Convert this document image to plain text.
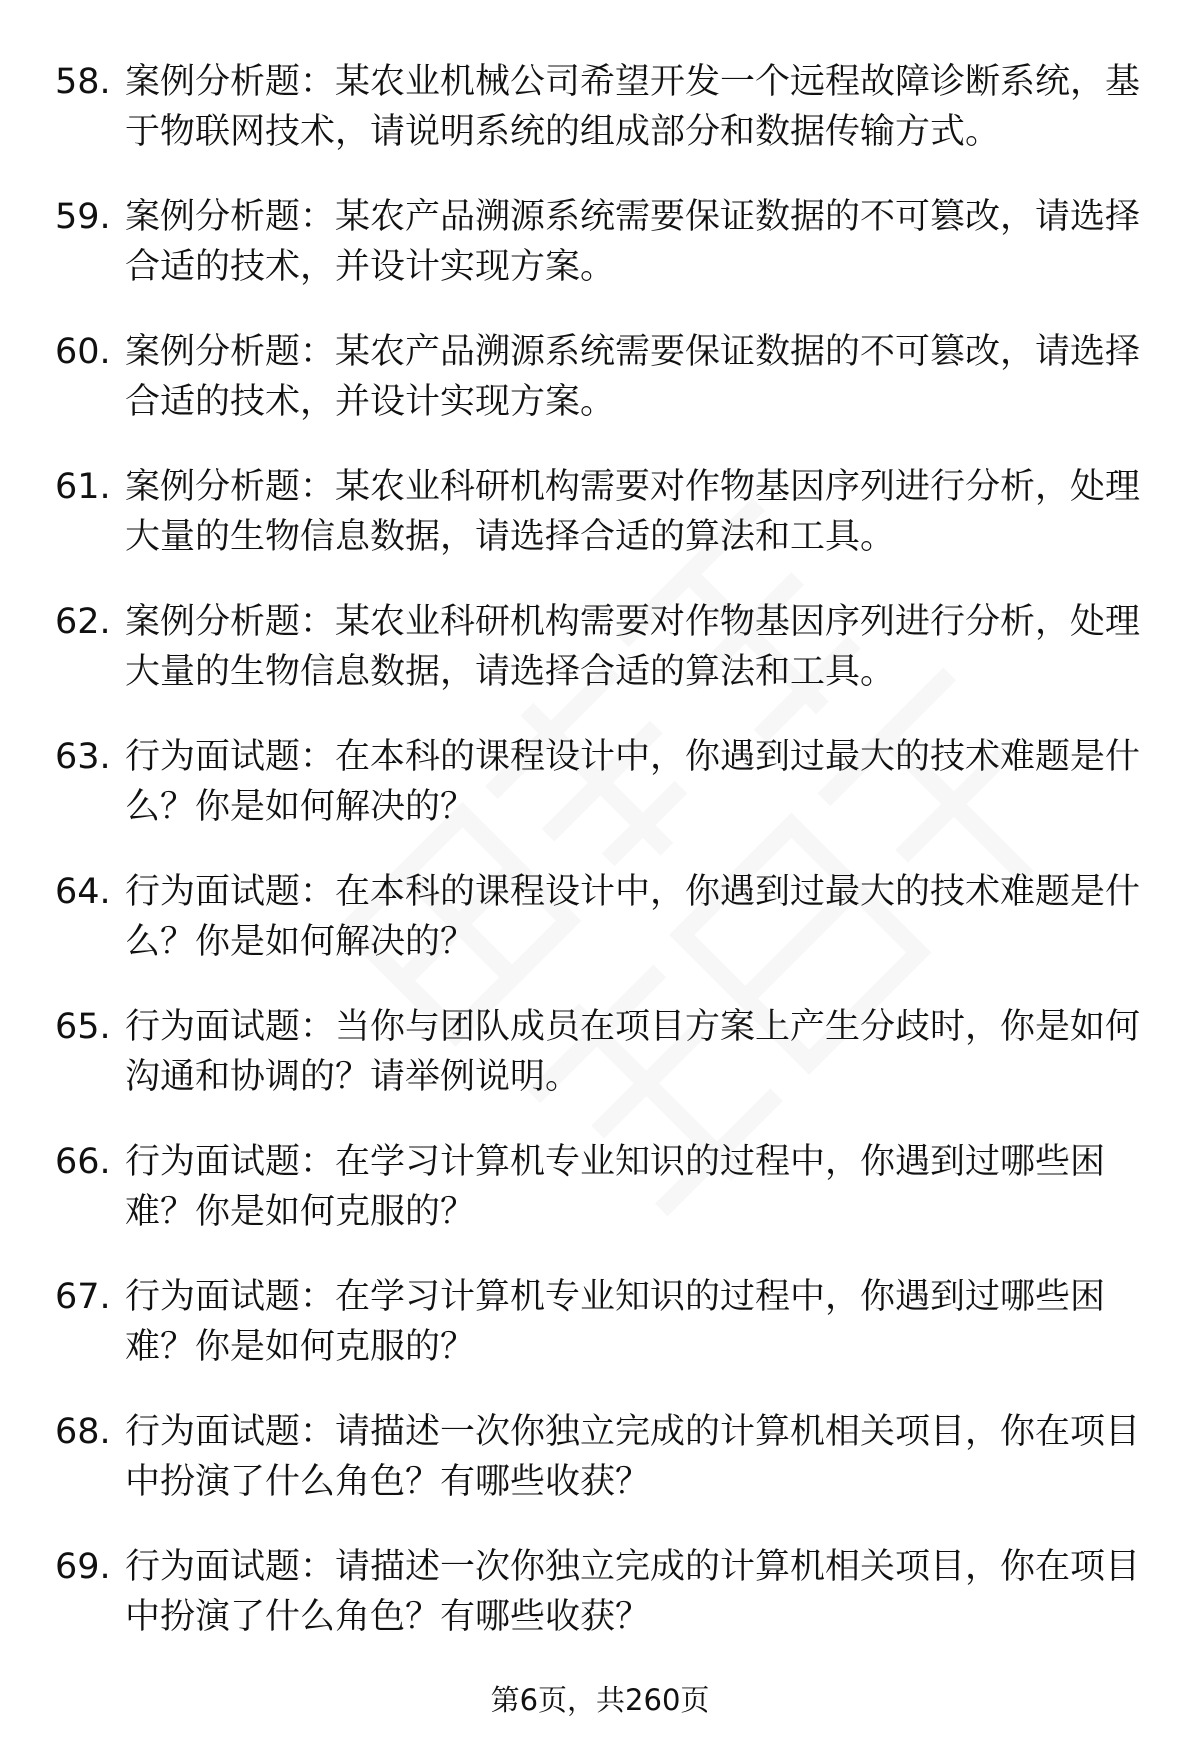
58. 案例分析题：某农业机械公司希望开发一个远程故障诊断系统，基于物联网技术，请说明系统的组成部分和数据传输方式。
59. 案例分析题：某农产品溯源系统需要保证数据的不可篡改，请选择合适的技术，并设计实现方案。
60. 案例分析题：某农产品溯源系统需要保证数据的不可篡改，请选择合适的技术，并设计实现方案。
61. 案例分析题：某农业科研机构需要对作物基因序列进行分析，处理大量的生物信息数据，请选择合适的算法和工具。
62. 案例分析题：某农业科研机构需要对作物基因序列进行分析，处理大量的生物信息数据，请选择合适的算法和工具。
63. 行为面试题：在本科的课程设计中，你遇到过最大的技术难题是什么？你是如何解决的？
64. 行为面试题：在本科的课程设计中，你遇到过最大的技术难题是什么？你是如何解决的？
65. 行为面试题：当你与团队成员在项目方案上产生分歧时，你是如何沟通和协调的？请举例说明。
66. 行为面试题：在学习计算机专业知识的过程中，你遇到过哪些困难？你是如何克服的？
67. 行为面试题：在学习计算机专业知识的过程中，你遇到过哪些困难？你是如何克服的？
68. 行为面试题：请描述一次你独立完成的计算机相关项目，你在项目中扮演了什么角色？有哪些收获？
69. 行为面试题：请描述一次你独立完成的计算机相关项目，你在项目中扮演了什么角色？有哪些收获？
第6页，共260页
